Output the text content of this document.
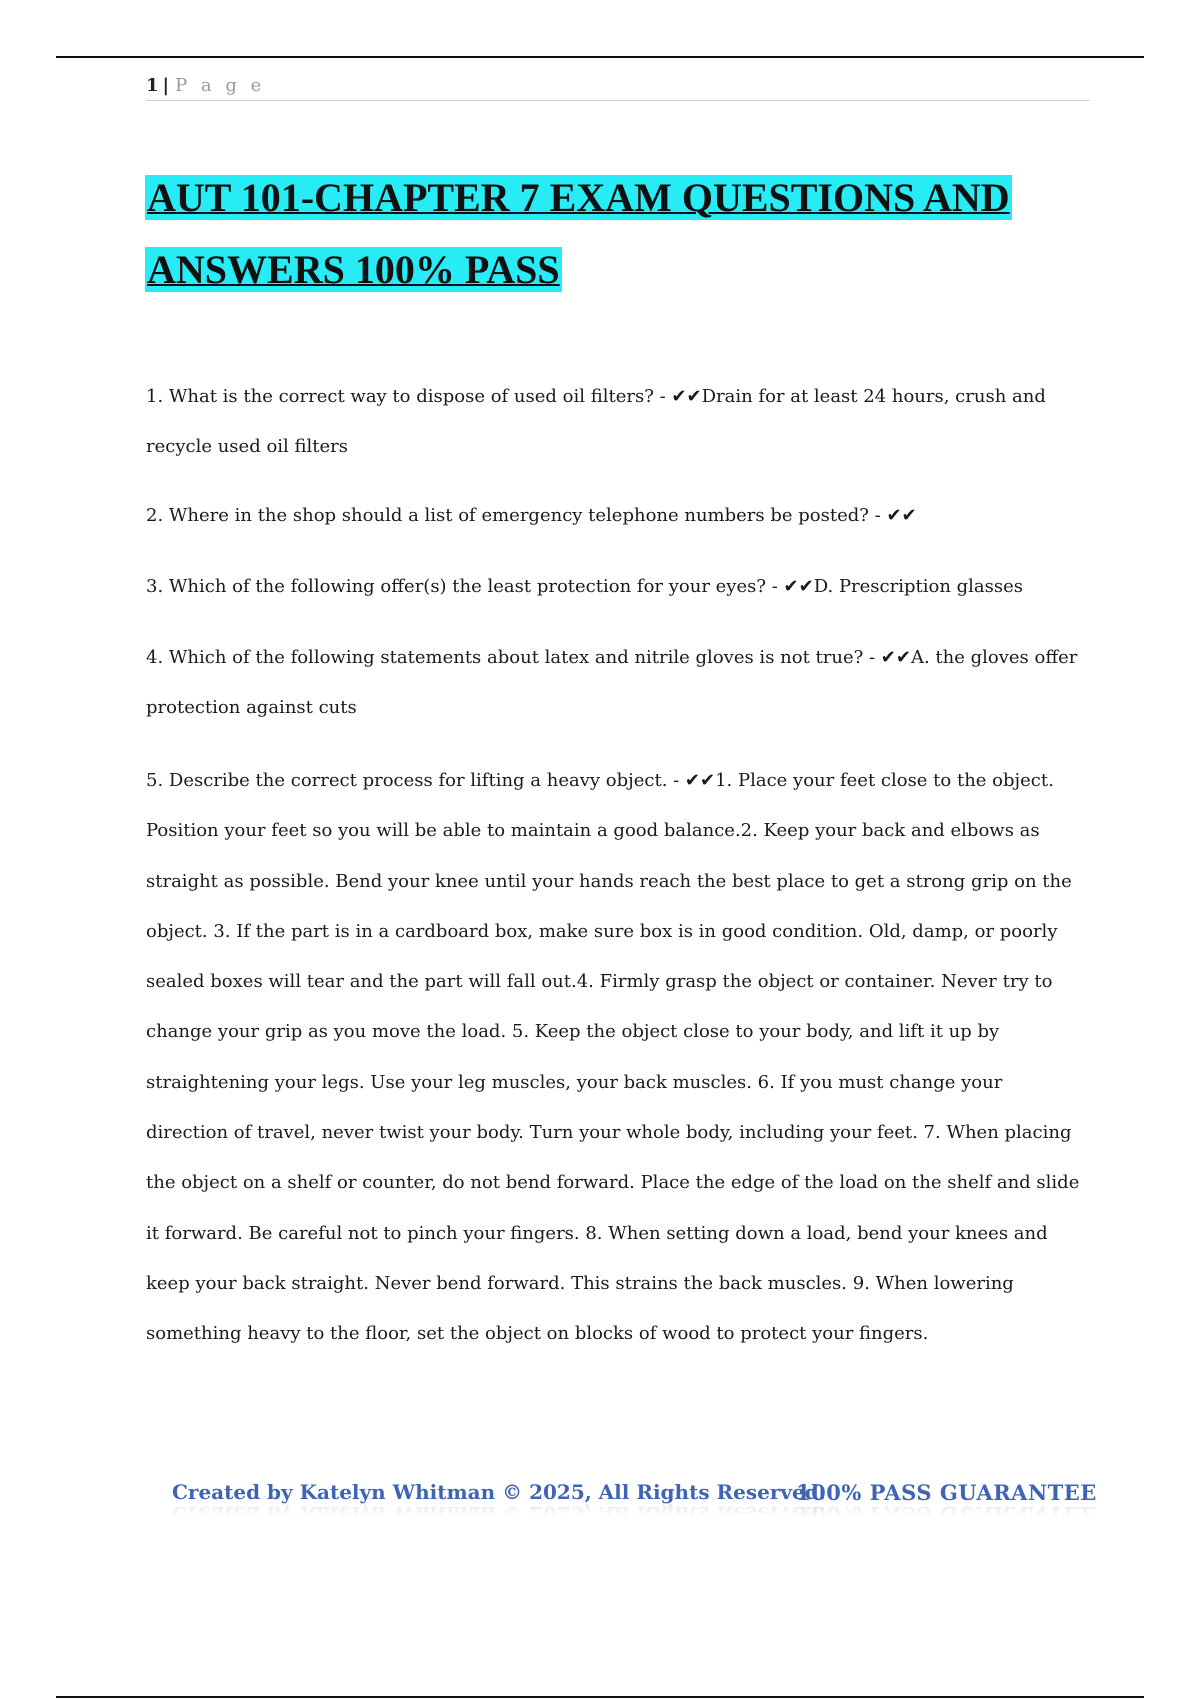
1 | P a g e
AUT 101-CHAPTER 7 EXAM QUESTIONS AND
ANSWERS 100% PASS

1. What is the correct way to dispose of used oil filters? - ✔✔Drain for at least 24 hours, crush and recycle used oil filters

2. Where in the shop should a list of emergency telephone numbers be posted? - ✔✔

3. Which of the following offer(s) the least protection for your eyes? - ✔✔D. Prescription glasses

4. Which of the following statements about latex and nitrile gloves is not true? - ✔✔A. the gloves offer protection against cuts

5. Describe the correct process for lifting a heavy object. - ✔✔1. Place your feet close to the object. Position your feet so you will be able to maintain a good balance.2. Keep your back and elbows as straight as possible. Bend your knee until your hands reach the best place to get a strong grip on the object. 3. If the part is in a cardboard box, make sure box is in good condition. Old, damp, or poorly sealed boxes will tear and the part will fall out.4. Firmly grasp the object or container. Never try to change your grip as you move the load. 5. Keep the object close to your body, and lift it up by straightening your legs. Use your leg muscles, your back muscles. 6. If you must change your direction of travel, never twist your body. Turn your whole body, including your feet. 7. When placing the object on a shelf or counter, do not bend forward. Place the edge of the load on the shelf and slide it forward. Be careful not to pinch your fingers. 8. When setting down a load, bend your knees and keep your back straight. Never bend forward. This strains the back muscles. 9. When lowering something heavy to the floor, set the object on blocks of wood to protect your fingers.

Created by Katelyn Whitman © 2025, All Rights Reserved. Created by Katelyn Whitman © 2025, All Rights Reserved.
100% PASS GUARANTEE 100% PASS GUARANTEE
